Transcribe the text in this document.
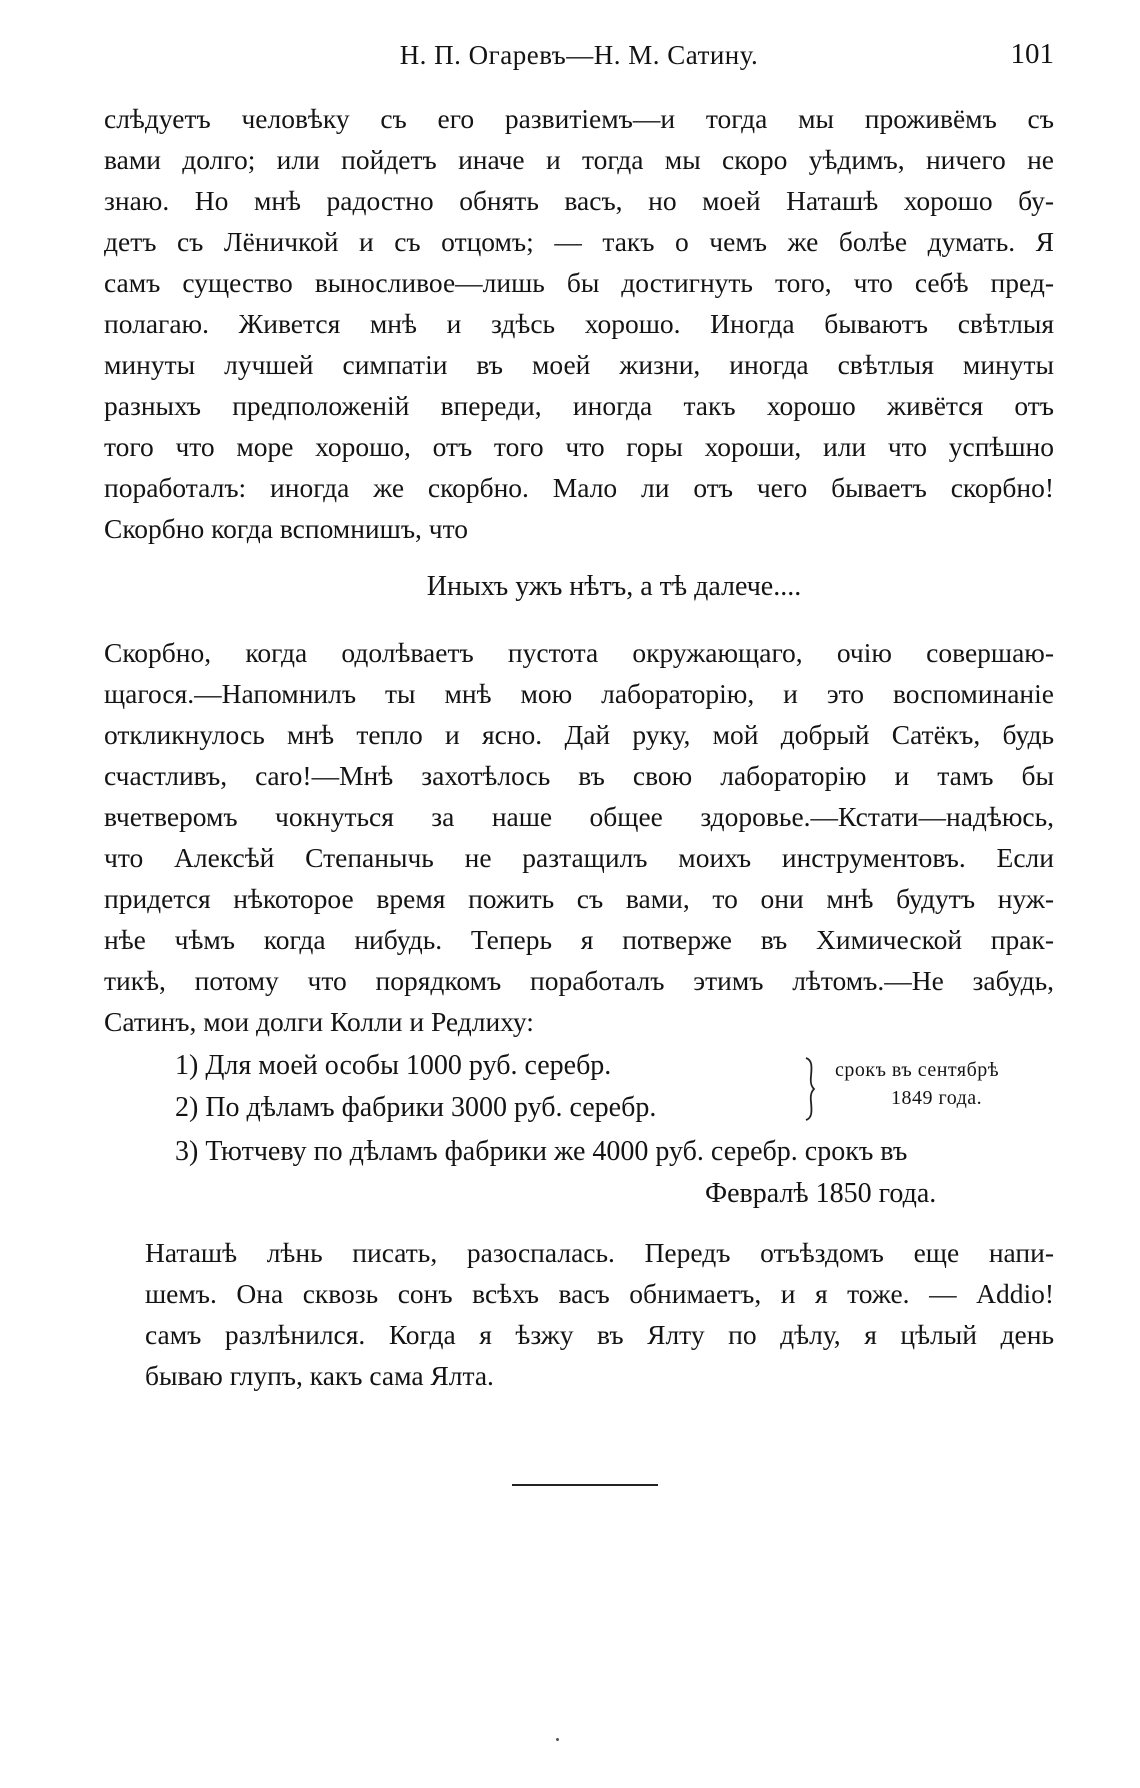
Н. П. Огаревъ—Н. М. Сатину.	101
слѣдуетъ человѣку съ его развитіемъ—и тогда мы проживёмъ съ
вами долго; или пойдетъ иначе и тогда мы скоро уѣдимъ, ничего не
знаю. Но мнѣ радостно обнять васъ, но моей Наташѣ хорошо бу-
детъ съ Лёничкой и съ отцомъ; — такъ о чемъ же болѣе думать. Я
самъ существо выносливое—лишь бы достигнуть того, что себѣ пред-
полагаю. Живется мнѣ и здѣсь хорошо. Иногда бываютъ свѣтлыя
минуты лучшей симпатіи въ моей жизни, иногда свѣтлыя минуты
разныхъ предположеній впереди, иногда такъ хорошо живётся отъ
того что море хорошо, отъ того что горы хороши, или что успѣшно
поработалъ: иногда же скорбно. Мало ли отъ чего бываетъ скорбно!
Скорбно когда вспомнишъ, что
Иныхъ ужъ нѣтъ, а тѣ далече....
Скорбно, когда одолѣваетъ пустота окружающаго, очію совершаю-
щагося.—Напомнилъ ты мнѣ мою лабораторію, и это воспоминаніе
откликнулось мнѣ тепло и ясно. Дай руку, мой добрый Сатёкъ, будь
счастливъ, caro!—Мнѣ захотѣлось въ свою лабораторію и тамъ бы
вчетверомъ чокнуться за наше общее здоровье.—Кстати—надѣюсь,
что Алексѣй Степанычь не разтащилъ моихъ инструментовъ. Если
придется нѣкоторое время пожить съ вами, то они мнѣ будутъ нуж-
нѣе чѣмъ когда нибудь. Теперь я потверже въ Химической прак-
тикѣ, потому что порядкомъ поработалъ этимъ лѣтомъ.—Не забудь,
Сатинъ, мои долги Колли и Редлиху:
1) Для моей особы 1000 руб. серебр.
2) По дѣламъ фабрики 3000 руб. серебр.
срокъ въ сентябрѣ
1849 года.
3) Тютчеву по дѣламъ фабрики же 4000 руб. серебр. срокъ въ
Февралѣ 1850 года.
Наташѣ лѣнь писать, разоспалась. Передъ отъѣздомъ еще напи-
шемъ. Она сквозь сонъ всѣхъ васъ обнимаетъ, и я тоже. — Addio!
самъ разлѣнился. Когда я ѣзжу въ Ялту по дѣлу, я цѣлый день
бываю глупъ, какъ сама Ялта.
